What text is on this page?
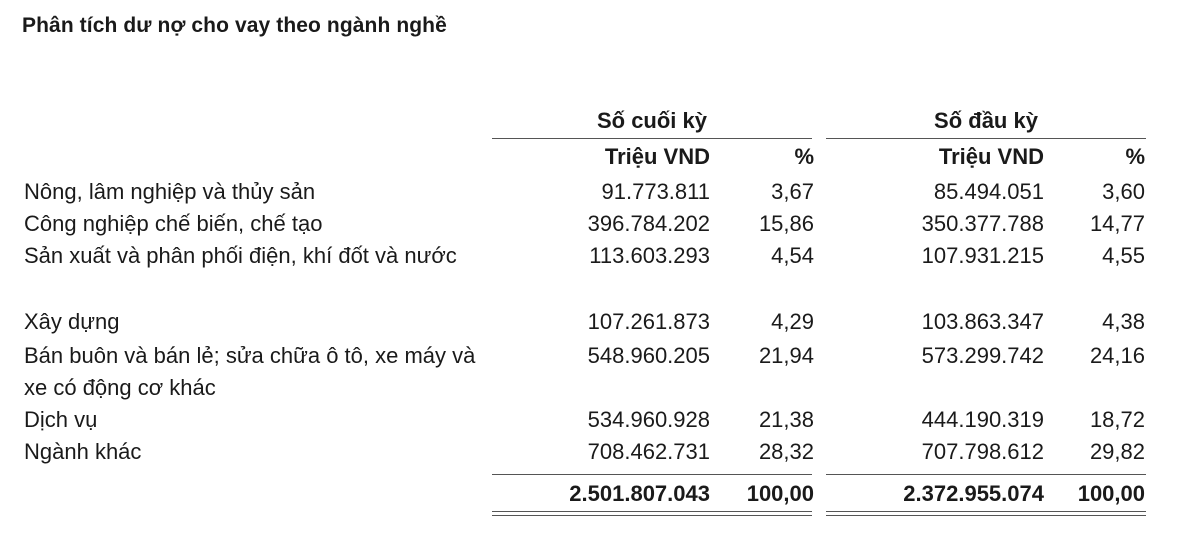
Phân tích dư nợ cho vay theo ngành nghề
Số cuối kỳ	Số đầu kỳ
Triệu VND	%	Triệu VND	%
Nông, lâm nghiệp và thủy sản	91.773.811	3,67	85.494.051	3,60
Công nghiệp chế biến, chế tạo	396.784.202	15,86	350.377.788	14,77
Sản xuất và phân phối điện, khí đốt và nước	113.603.293	4,54	107.931.215	4,55
Xây dựng	107.261.873	4,29	103.863.347	4,38
Bán buôn và bán lẻ; sửa chữa ô tô, xe máy và xe có động cơ khác
548.960.205	21,94	573.299.742	24,16
Dịch vụ	534.960.928	21,38	444.190.319	18,72
Ngành khác	708.462.731	28,32	707.798.612	29,82
2.501.807.043	100,00	2.372.955.074	100,00
